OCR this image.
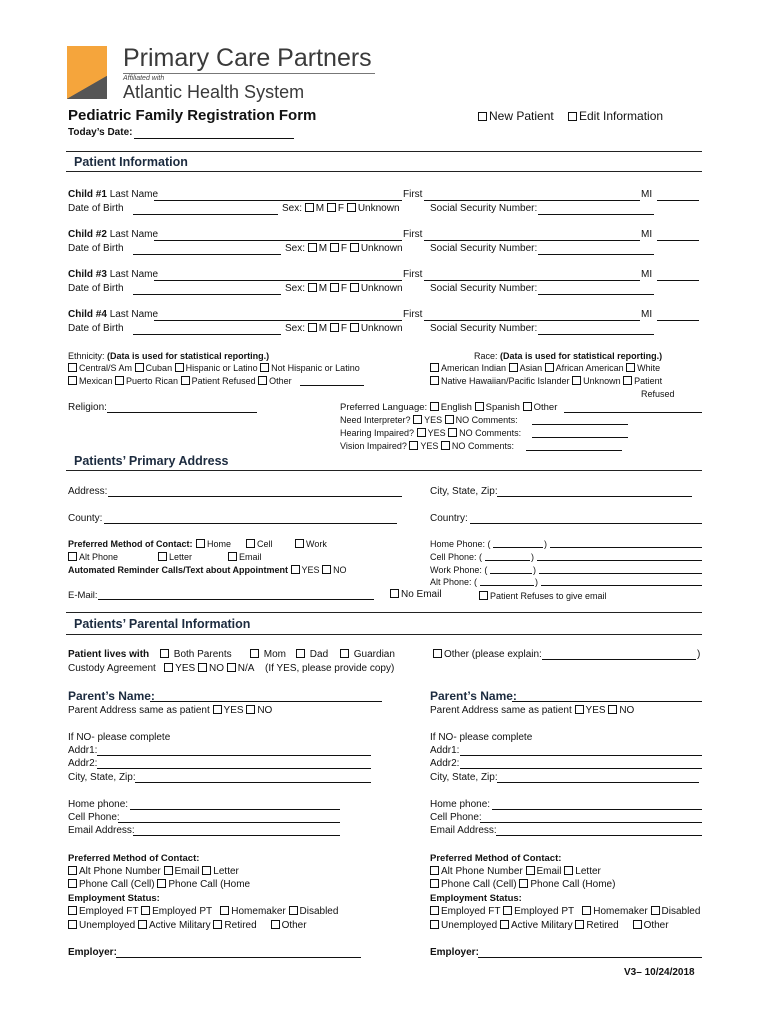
Primary Care Partners
Affiliated with
Atlantic Health System
Pediatric Family Registration Form	New Patient	Edit Information
Today’s Date:
Patient Information
Child #1 Last Name	First	MI
Date of Birth	Sex: M F Unknown	Social Security Number:
Child #2 Last Name	First	MI
Date of Birth	Sex: M F Unknown	Social Security Number:
Child #3 Last Name	First	MI
Date of Birth	Sex: M F Unknown	Social Security Number:
Child #4 Last Name	First	MI
Date of Birth	Sex: M F Unknown	Social Security Number:
Ethnicity: (Data is used for statistical reporting.)
Central/S Am Cuban Hispanic or Latino Not Hispanic or Latino
Mexican Puerto Rican Patient Refused Other
Race: (Data is used for statistical reporting.)
American Indian Asian African American White
Native Hawaiian/Pacific Islander Unknown Patient
Refused
Religion:	Preferred Language: English Spanish Other
Need Interpreter? YES NO Comments:
Hearing Impaired? YES NO Comments:
Vision Impaired? YES NO Comments:
Patients’ Primary Address
Address:	City, State, Zip:
County:	Country:
Preferred Method of Contact:	Home	Cell	Work
Alt Phone	Letter	Email
Automated Reminder Calls/Text about Appointment YES NO
Home Phone: (	)
Cell Phone: (	)
Work Phone: (	)
Alt Phone: (	)
E-Mail:	No Email	Patient Refuses to give email
Patients’ Parental Information
Patient lives with	Both Parents	Mom	Dad	Guardian	Other (please explain:	)
Custody Agreement YES NO N/A (If YES, please provide copy)
Parent’s Name:
Parent Address same as patient YES NO
If NO- please complete
Addr1:
Addr2:
City, State, Zip:
Home phone:
Cell Phone:
Email Address:
Preferred Method of Contact:
Alt Phone Number Email Letter
Phone Call (Cell) Phone Call (Home
Employment Status:
Employed FT Employed PT Homemaker Disabled
Unemployed Active Military Retired Other
Employer:
Parent’s Name:
Parent Address same as patient YES NO
If NO- please complete
Addr1:
Addr2:
City, State, Zip:
Home phone:
Cell Phone:
Email Address:
Preferred Method of Contact:
Alt Phone Number Email Letter
Phone Call (Cell) Phone Call (Home)
Employment Status:
Employed FT Employed PT Homemaker Disabled
Unemployed Active Military Retired Other
Employer:
V3– 10/24/2018
